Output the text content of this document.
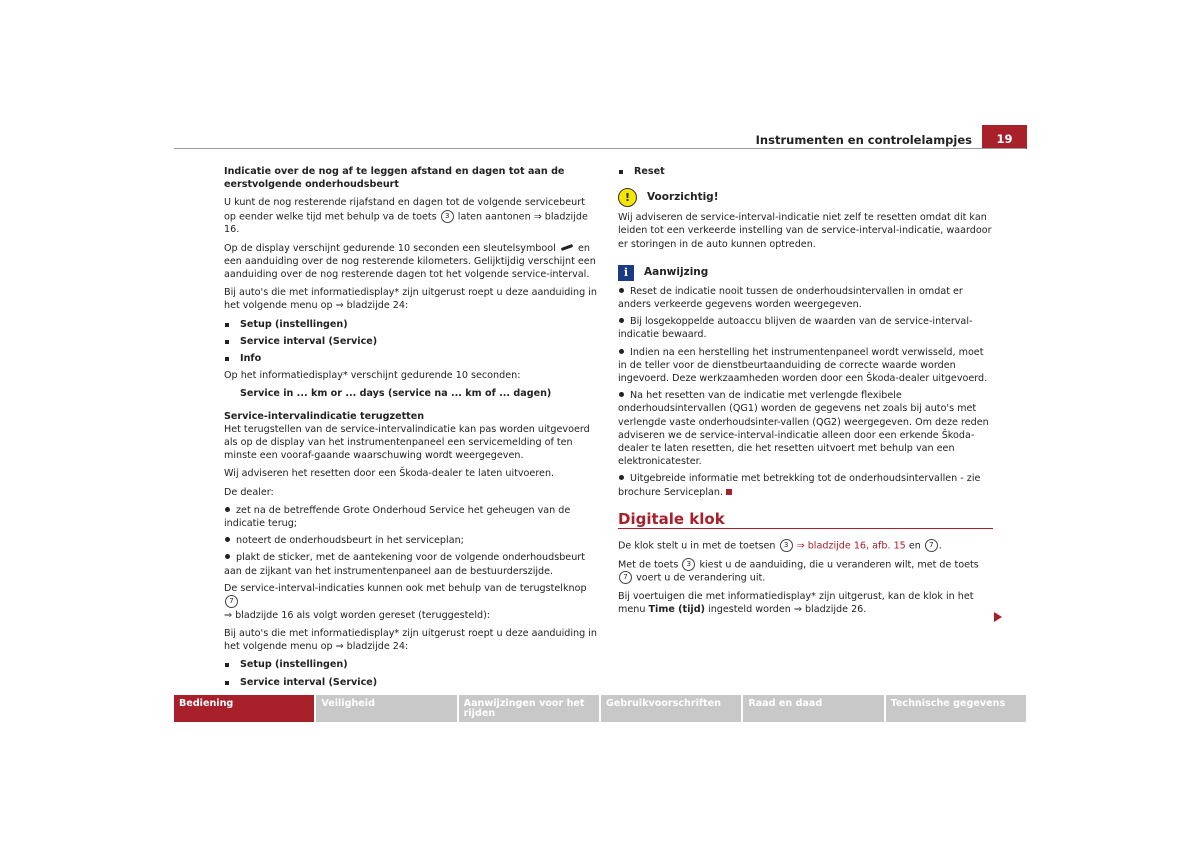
Instrumenten en controlelampjes	19

Indicatie over de nog af te leggen afstand en dagen tot aan de eerstvolgende onderhoudsbeurt

U kunt de nog resterende rijafstand en dagen tot de volgende servicebeurt op eender welke tijd met behulp va de toets 3 laten aantonen ⇒ bladzijde 16.

Op de display verschijnt gedurende 10 seconden een sleutelsymbool en een aanduiding over de nog resterende kilometers. Gelijktijdig verschijnt een aanduiding over de nog resterende dagen tot het volgende service-interval.

Bij auto's die met informatiedisplay* zijn uitgerust roept u deze aanduiding in het volgende menu op ⇒ bladzijde 24:

Setup (instellingen)
Service interval (Service)
Info

Op het informatiedisplay* verschijnt gedurende 10 seconden:

Service in ... km or ... days (service na ... km of ... dagen)

Service-intervalindicatie terugzetten

Het terugstellen van de service-intervalindicatie kan pas worden uitgevoerd als op de display van het instrumentenpaneel een servicemelding of ten minste een vooraf-gaande waarschuwing wordt weergegeven.

Wij adviseren het resetten door een Škoda-dealer te laten uitvoeren.

De dealer:

zet na de betreffende Grote Onderhoud Service het geheugen van de indicatie terug;
noteert de onderhoudsbeurt in het serviceplan;
plakt de sticker, met de aantekening voor de volgende onderhoudsbeurt aan de zijkant van het instrumentenpaneel aan de bestuurderszijde.

De service-interval-indicaties kunnen ook met behulp van de terugstelknop 7
⇒ bladzijde 16 als volgt worden gereset (teruggesteld):

Bij auto's die met informatiedisplay* zijn uitgerust roept u deze aanduiding in het volgende menu op ⇒ bladzijde 24:

Setup (instellingen)
Service interval (Service)
Reset
!	Voorzichtig!

Wij adviseren de service-interval-indicatie niet zelf te resetten omdat dit kan leiden tot een verkeerde instelling van de service-interval-indicatie, waardoor er storingen in de auto kunnen optreden.

i	Aanwijzing
Reset de indicatie nooit tussen de onderhoudsintervallen in omdat er anders verkeerde gegevens worden weergegeven.
Bij losgekoppelde autoaccu blijven de waarden van de service-interval-indicatie bewaard.
Indien na een herstelling het instrumentenpaneel wordt verwisseld, moet in de teller voor de dienstbeurtaanduiding de correcte waarde worden ingevoerd. Deze werkzaamheden worden door een Škoda-dealer uitgevoerd.
Na het resetten van de indicatie met verlengde flexibele onderhoudsintervallen (QG1) worden de gegevens net zoals bij auto's met verlengde vaste onderhoudsinter-vallen (QG2) weergegeven. Om deze reden adviseren we de service-interval-indicatie alleen door een erkende Škoda-dealer te laten resetten, die het resetten uitvoert met behulp van een elektronicatester.
Uitgebreide informatie met betrekking tot de onderhoudsintervallen - zie brochure Serviceplan.
Digitale klok

De klok stelt u in met de toetsen 3 ⇒ bladzijde 16, afb. 15 en 7 .

Met de toets 3 kiest u de aanduiding, die u veranderen wilt, met de toets 7 voert u de verandering uit.

Bij voertuigen die met informatiedisplay* zijn uitgerust, kan de klok in het menu Time (tijd) ingesteld worden ⇒ bladzijde 26.

Bediening	Veiligheid	Aanwijzingen voor het rijden
Gebruikvoorschriften	Raad en daad	Technische gegevens
